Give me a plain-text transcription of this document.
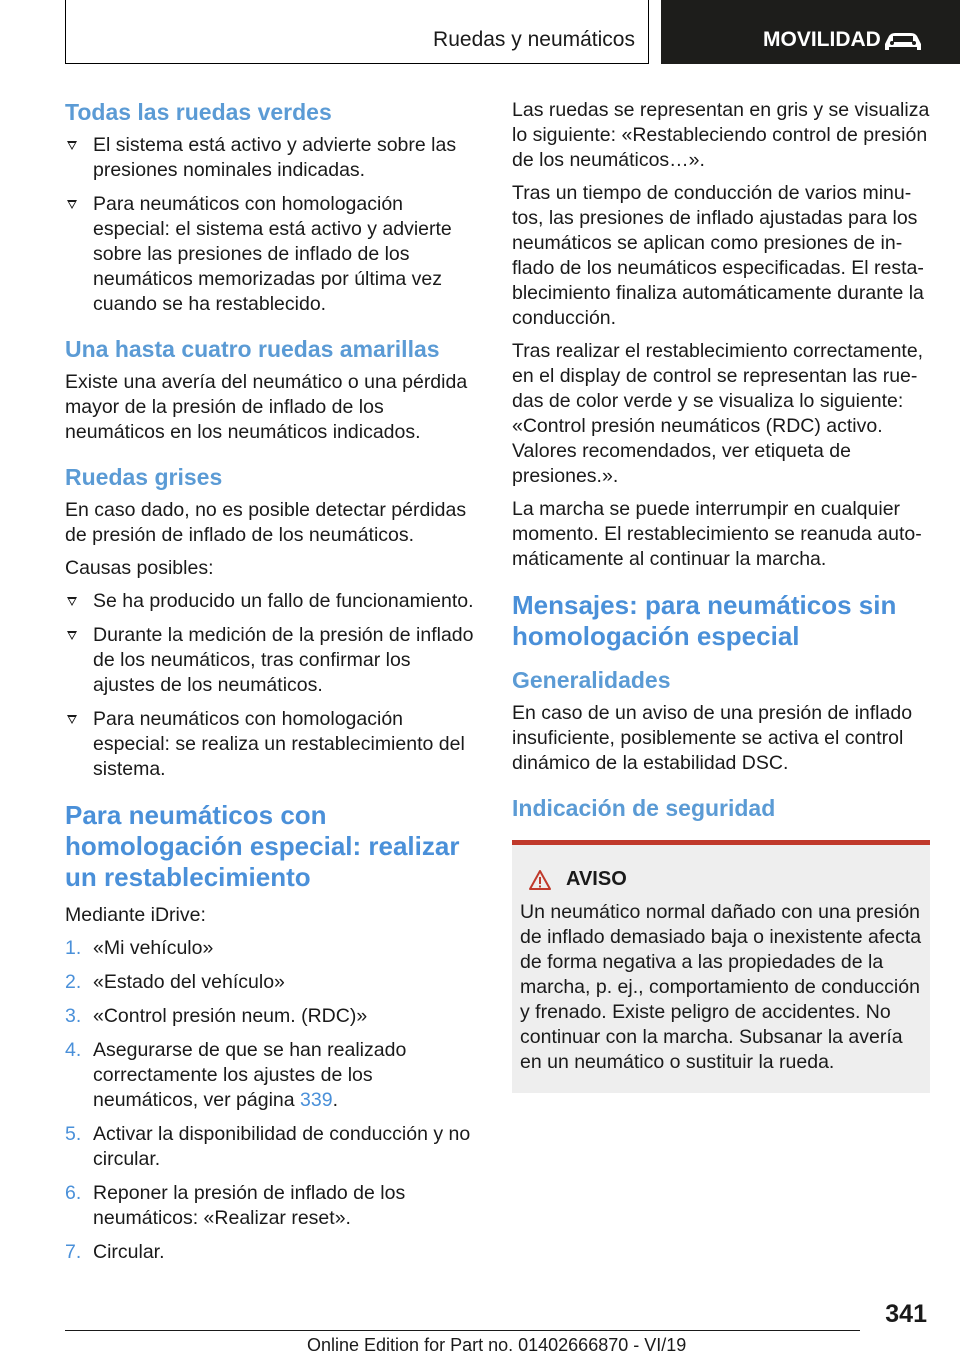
Ruedas y neumáticos	MOVILIDAD
Todas las ruedas verdes
El sistema está activo y advierte sobre las presiones nominales indicadas.
Para neumáticos con homologación especial: el sistema está activo y advierte sobre las presiones de inflado de los neumáticos memorizadas por última vez cuando se ha restablecido.
Una hasta cuatro ruedas amarillas

Existe una avería del neumático o una pérdida mayor de la presión de inflado de los neumáticos en los neumáticos indicados.

Ruedas grises

En caso dado, no es posible detectar pérdidas de presión de inflado de los neumáticos.

Causas posibles:

Se ha producido un fallo de funcionamiento.
Durante la medición de la presión de inflado de los neumáticos, tras confirmar los ajustes de los neumáticos.
Para neumáticos con homologación especial: se realiza un restablecimiento del sistema.
Para neumáticos con homologación especial: realizar un restablecimiento

Mediante iDrive:

1. «Mi vehículo»
2. «Estado del vehículo»
3. «Control presión neum. (RDC)»
4. Asegurarse de que se han realizado correctamente los ajustes de los neumáticos, ver página 339.
5. Activar la disponibilidad de conducción y no circular.
6. Reponer la presión de inflado de los neumáticos: «Realizar reset».
7. Circular.

Las ruedas se representan en gris y se visualiza lo siguiente: «Restableciendo control de presión de los neumáticos…».

Tras un tiempo de conducción de varios minutos, las presiones de inflado ajustadas para los neumáticos se aplican como presiones de inflado de los neumáticos especificadas. El restablecimiento finaliza automáticamente durante la conducción.

Tras realizar el restablecimiento correctamente, en el display de control se representan las ruedas de color verde y se visualiza lo siguiente: «Control presión neumáticos (RDC) activo. Valores recomendados, ver etiqueta de presiones.».

La marcha se puede interrumpir en cualquier momento. El restablecimiento se reanuda automáticamente al continuar la marcha.

Mensajes: para neumáticos sin homologación especial
Generalidades

En caso de un aviso de una presión de inflado insuficiente, posiblemente se activa el control dinámico de la estabilidad DSC.

Indicación de seguridad
AVISO

Un neumático normal dañado con una presión de inflado demasiado baja o inexistente afecta de forma negativa a las propiedades de la marcha, p. ej., comportamiento de conducción y frenado. Existe peligro de accidentes. No continuar con la marcha. Subsanar la avería en un neumático o sustituir la rueda.

341
Online Edition for Part no. 01402666870 - VI/19
